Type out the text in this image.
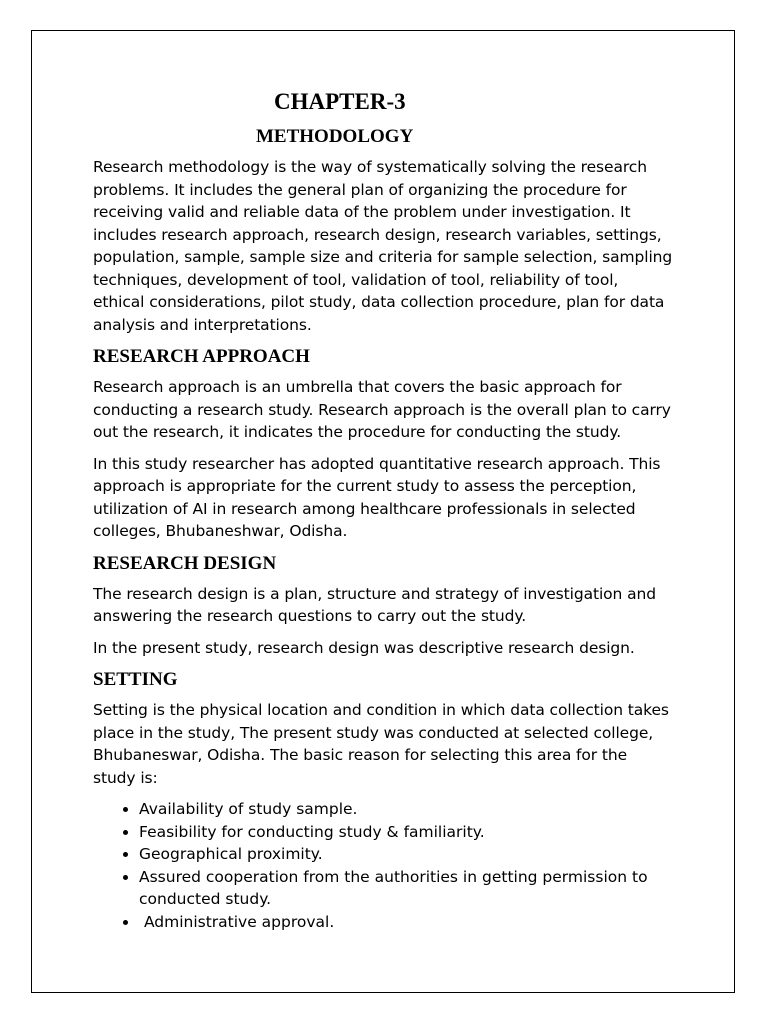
CHAPTER-3
METHODOLOGY

Research methodology is the way of systematically solving the research problems. It includes the general plan of organizing the procedure for receiving valid and reliable data of the problem under investigation. It includes research approach, research design, research variables, settings, population, sample, sample size and criteria for sample selection, sampling techniques, development of tool, validation of tool, reliability of tool, ethical considerations, pilot study, data collection procedure, plan for data analysis and interpretations.

RESEARCH APPROACH

Research approach is an umbrella that covers the basic approach for conducting a research study. Research approach is the overall plan to carry out the research, it indicates the procedure for conducting the study.

In this study researcher has adopted quantitative research approach. This approach is appropriate for the current study to assess the perception, utilization of AI in research among healthcare professionals in selected colleges, Bhubaneshwar, Odisha.

RESEARCH DESIGN

The research design is a plan, structure and strategy of investigation and answering the research questions to carry out the study.

In the present study, research design was descriptive research design.

SETTING

Setting is the physical location and condition in which data collection takes place in the study, The present study was conducted at selected college, Bhubaneswar, Odisha. The basic reason for selecting this area for the study is:

• Availability of study sample.
• Feasibility for conducting study & familiarity.
• Geographical proximity.
• Assured cooperation from the authorities in getting permission to conducted study.
•  Administrative approval.
